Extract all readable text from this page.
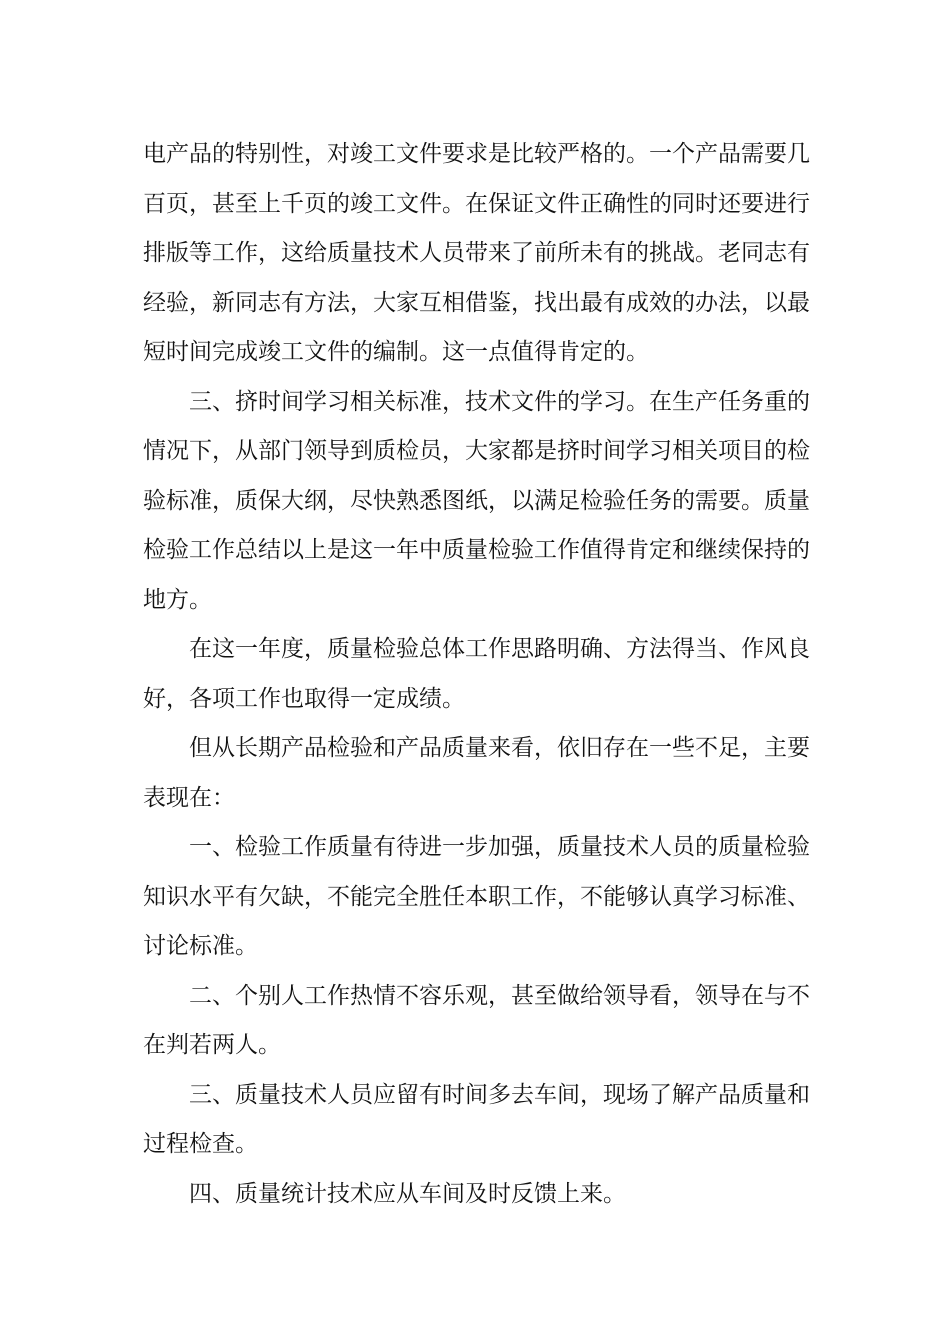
电产品的特别性，对竣工文件要求是比较严格的。一个产品需要几
百页，甚至上千页的竣工文件。在保证文件正确性的同时还要进行
排版等工作，这给质量技术人员带来了前所未有的挑战。老同志有
经验，新同志有方法，大家互相借鉴，找出最有成效的办法，以最
短时间完成竣工文件的编制。这一点值得肯定的。

三、挤时间学习相关标准，技术文件的学习。在生产任务重的
情况下，从部门领导到质检员，大家都是挤时间学习相关项目的检
验标准，质保大纲，尽快熟悉图纸，以满足检验任务的需要。质量
检验工作总结以上是这一年中质量检验工作值得肯定和继续保持的
地方。

在这一年度，质量检验总体工作思路明确、方法得当、作风良
好，各项工作也取得一定成绩。

但从长期产品检验和产品质量来看，依旧存在一些不足，主要
表现在：

一、检验工作质量有待进一步加强，质量技术人员的质量检验
知识水平有欠缺，不能完全胜任本职工作，不能够认真学习标准、
讨论标准。

二、个别人工作热情不容乐观，甚至做给领导看，领导在与不
在判若两人。

三、质量技术人员应留有时间多去车间，现场了解产品质量和
过程检查。

四、质量统计技术应从车间及时反馈上来。
